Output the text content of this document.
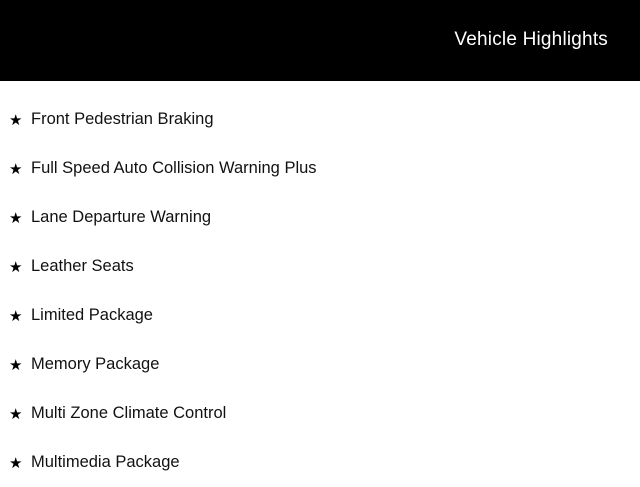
Vehicle Highlights
★ Front Pedestrian Braking
★ Full Speed Auto Collision Warning Plus
★ Lane Departure Warning
★ Leather Seats
★ Limited Package
★ Memory Package
★ Multi Zone Climate Control
★ Multimedia Package
